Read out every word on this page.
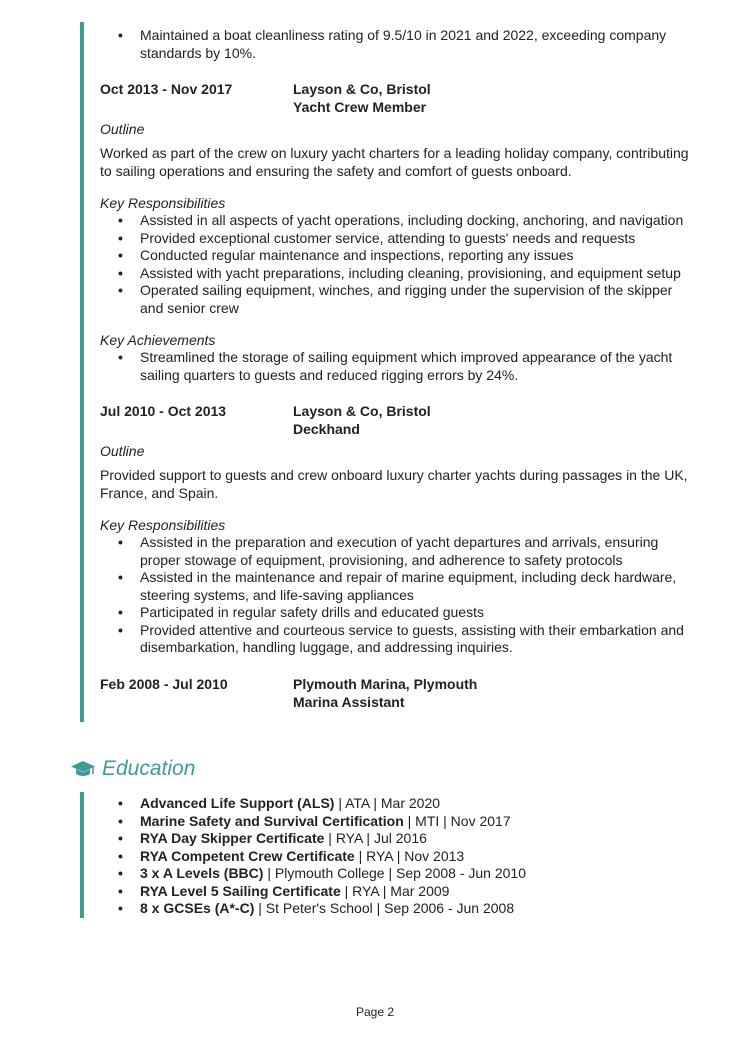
• Maintained a boat cleanliness rating of 9.5/10 in 2021 and 2022, exceeding company standards by 10%.
Oct 2013 - Nov 2017	Layson & Co, Bristol
Yacht Crew Member
Outline
Worked as part of the crew on luxury yacht charters for a leading holiday company, contributing to sailing operations and ensuring the safety and comfort of guests onboard.
Key Responsibilities
• Assisted in all aspects of yacht operations, including docking, anchoring, and navigation
• Provided exceptional customer service, attending to guests' needs and requests
• Conducted regular maintenance and inspections, reporting any issues
• Assisted with yacht preparations, including cleaning, provisioning, and equipment setup
• Operated sailing equipment, winches, and rigging under the supervision of the skipper and senior crew
Key Achievements
• Streamlined the storage of sailing equipment which improved appearance of the yacht sailing quarters to guests and reduced rigging errors by 24%.
Jul 2010 - Oct 2013	Layson & Co, Bristol
Deckhand
Outline
Provided support to guests and crew onboard luxury charter yachts during passages in the UK, France, and Spain.
Key Responsibilities
• Assisted in the preparation and execution of yacht departures and arrivals, ensuring proper stowage of equipment, provisioning, and adherence to safety protocols
• Assisted in the maintenance and repair of marine equipment, including deck hardware, steering systems, and life-saving appliances
• Participated in regular safety drills and educated guests
• Provided attentive and courteous service to guests, assisting with their embarkation and disembarkation, handling luggage, and addressing inquiries.
Feb 2008 - Jul 2010	Plymouth Marina, Plymouth
Marina Assistant
Education
• Advanced Life Support (ALS) | ATA | Mar 2020
• Marine Safety and Survival Certification | MTI | Nov 2017
• RYA Day Skipper Certificate | RYA | Jul 2016
• RYA Competent Crew Certificate | RYA | Nov 2013
• 3 x A Levels (BBC) | Plymouth College | Sep 2008 - Jun 2010
• RYA Level 5 Sailing Certificate | RYA | Mar 2009
• 8 x GCSEs (A*-C) | St Peter's School | Sep 2006 - Jun 2008
Page 2
